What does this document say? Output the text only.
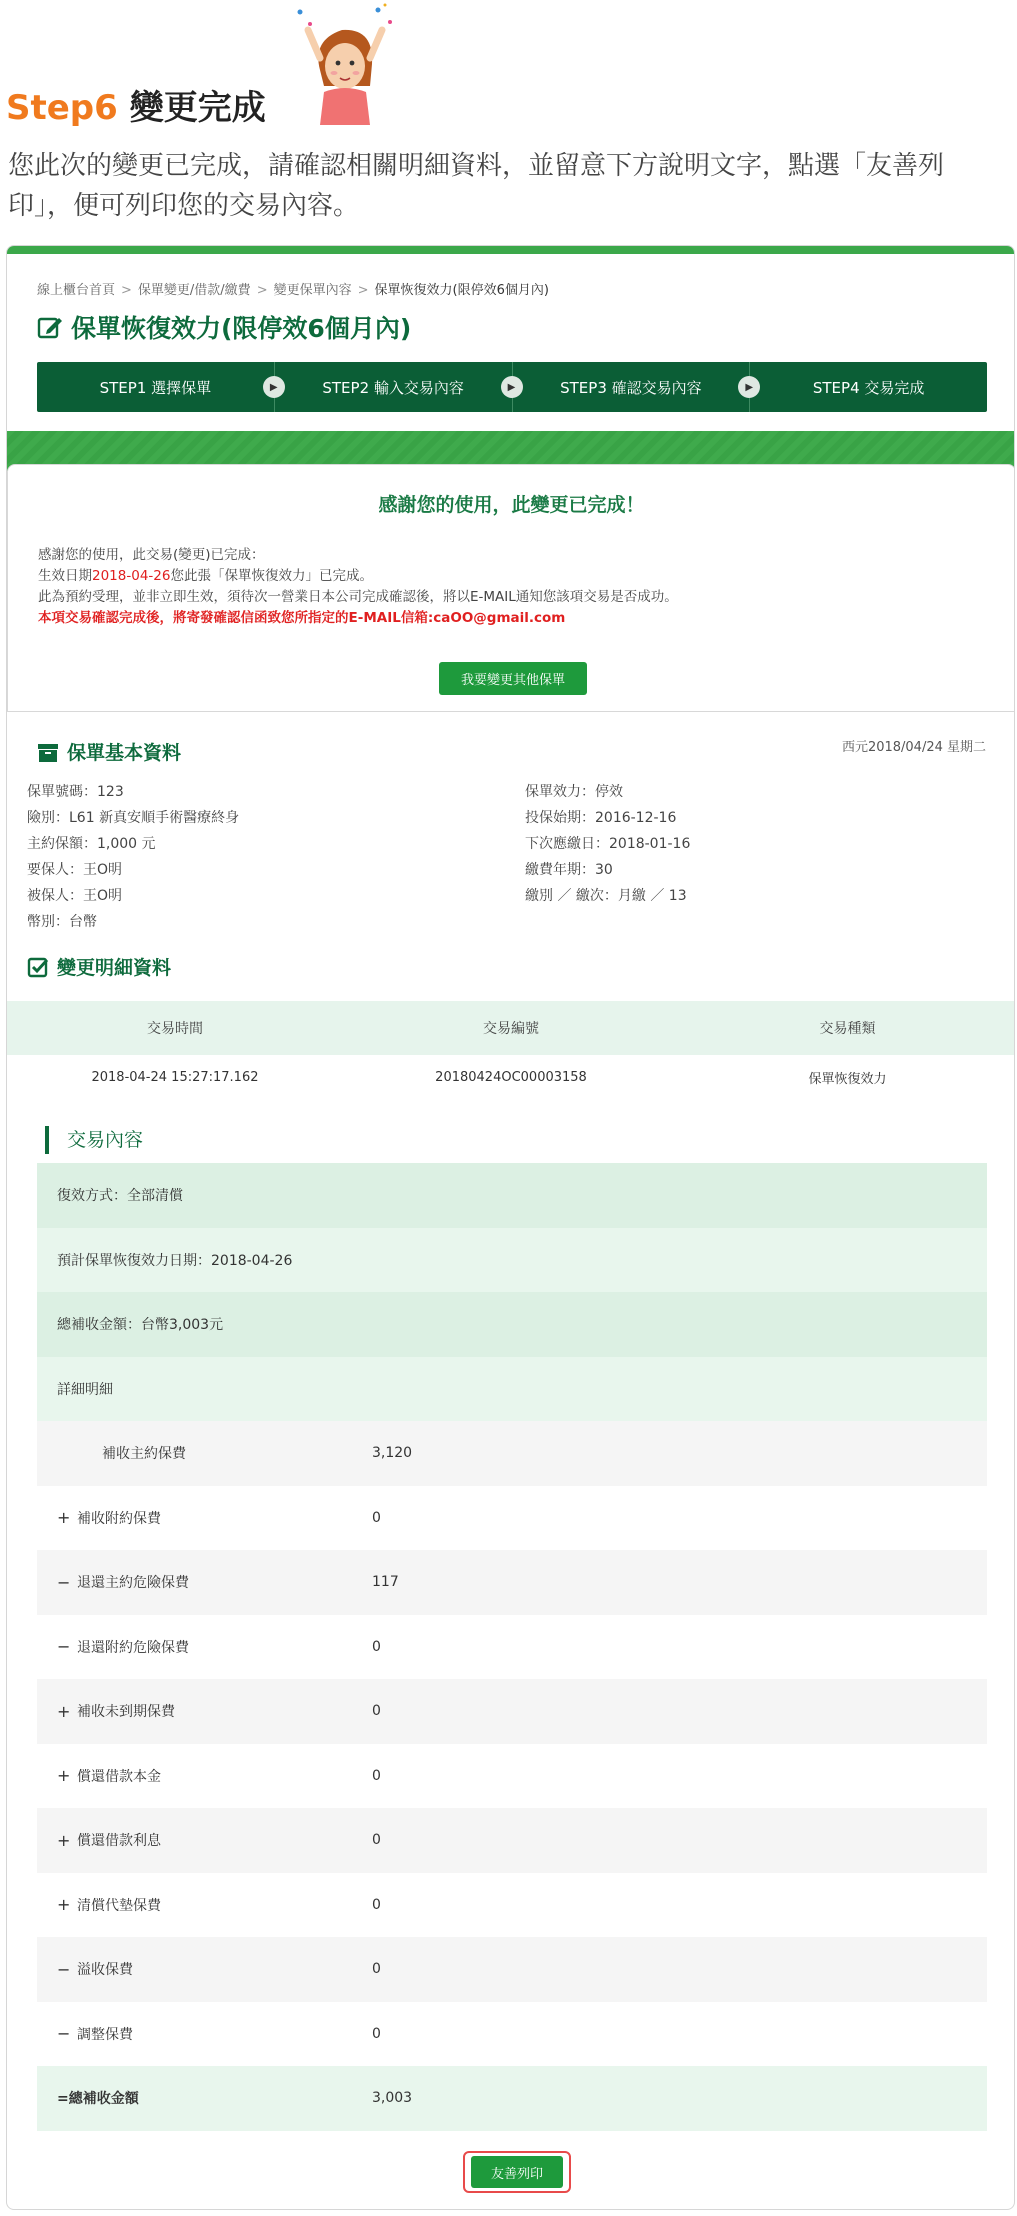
Step6 變更完成
您此次的變更已完成，請確認相關明細資料，並留意下方說明文字，點選「友善列印」，便可列印您的交易內容。
線上櫃台首頁 > 保單變更/借款/繳費 > 變更保單內容 > 保單恢復效力(限停效6個月內)
保單恢復效力(限停效6個月內)
STEP1 選擇保單	▶	STEP2 輸入交易內容	▶	STEP3 確認交易內容	▶	STEP4 交易完成
感謝您的使用，此變更已完成！
感謝您的使用，此交易(變更)已完成：
生效日期2018-04-26您此張「保單恢復效力」已完成。
此為預約受理，並非立即生效，須待次一營業日本公司完成確認後，將以E-MAIL通知您該項交易是否成功。
本項交易確認完成後，將寄發確認信函致您所指定的E-MAIL信箱:caOO@gmail.com
我要變更其他保單
保單基本資料	西元2018/04/24 星期二
保單號碼：123
險別：L61 新真安順手術醫療終身
主約保額：1,000 元
要保人：王O明
被保人：王O明
幣別：台幣
保單效力：停效
投保始期：2016-12-16
下次應繳日：2018-01-16
繳費年期：30
繳別 ／ 繳次：月繳 ／ 13
變更明細資料
交易時間	交易編號	交易種類
2018-04-24 15:27:17.162	20180424OC00003158	保單恢復效力
交易內容
復效方式：全部清償
預計保單恢復效力日期：2018-04-26
總補收金額：台幣3,003元
詳細明細
補收主約保費	3,120
+ 補收附約保費	0
− 退還主約危險保費	117
− 退還附約危險保費	0
+ 補收未到期保費	0
+ 償還借款本金	0
+ 償還借款利息	0
+ 清償代墊保費	0
− 溢收保費	0
− 調整保費	0
=總補收金額	3,003
友善列印
